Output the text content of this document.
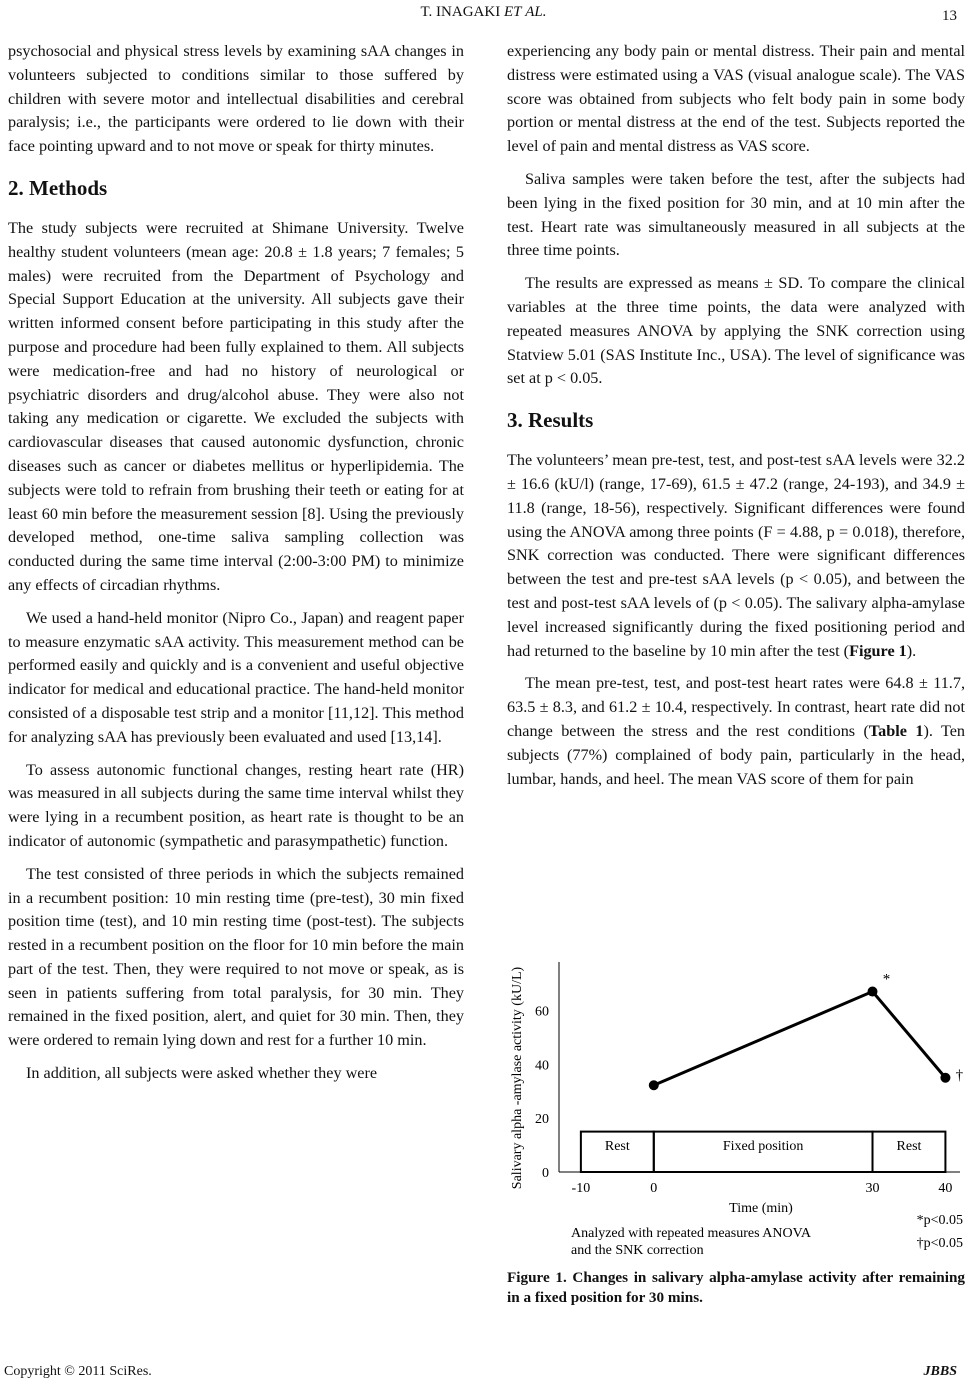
T. INAGAKI ET AL.	13

psychosocial and physical stress levels by examining sAA changes in volunteers subjected to conditions similar to those suffered by children with severe motor and intellectual disabilities and cerebral paralysis; i.e., the participants were ordered to lie down with their face pointing upward and to not move or speak for thirty minutes.

2. Methods

The study subjects were recruited at Shimane University. Twelve healthy student volunteers (mean age: 20.8 ± 1.8 years; 7 females; 5 males) were recruited from the Department of Psychology and Special Support Education at the university. All subjects gave their written informed consent before participating in this study after the purpose and procedure had been fully explained to them. All subjects were medication-free and had no history of neurological or psychiatric disorders and drug/alcohol abuse. They were also not taking any medication or cigarette. We excluded the subjects with cardiovascular diseases that caused autonomic dysfunction, chronic diseases such as cancer or diabetes mellitus or hyperlipidemia. The subjects were told to refrain from brushing their teeth or eating for at least 60 min before the measurement session [8]. Using the previously developed method, one-time saliva sampling collection was conducted during the same time interval (2:00-3:00 PM) to minimize any effects of circadian rhythms.

We used a hand-held monitor (Nipro Co., Japan) and reagent paper to measure enzymatic sAA activity. This measurement method can be performed easily and quickly and is a convenient and useful objective indicator for medical and educational practice. The hand-held monitor consisted of a disposable test strip and a monitor [11,12]. This method for analyzing sAA has previously been evaluated and used [13,14].

To assess autonomic functional changes, resting heart rate (HR) was measured in all subjects during the same time interval whilst they were lying in a recumbent position, as heart rate is thought to be an indicator of autonomic (sympathetic and parasympathetic) function.

The test consisted of three periods in which the subjects remained in a recumbent position: 10 min resting time (pre-test), 30 min fixed position time (test), and 10 min resting time (post-test). The subjects rested in a recumbent position on the floor for 10 min before the main part of the test. Then, they were required to not move or speak, as is seen in patients suffering from total paralysis, for 30 min. They remained in the fixed position, alert, and quiet for 30 min. Then, they were ordered to remain lying down and rest for a further 10 min.

In addition, all subjects were asked whether they were

experiencing any body pain or mental distress. Their pain and mental distress were estimated using a VAS (visual analogue scale). The VAS score was obtained from subjects who felt body pain in some body portion or mental distress at the end of the test. Subjects reported the level of pain and mental distress as VAS score.

Saliva samples were taken before the test, after the subjects had been lying in the fixed position for 30 min, and at 10 min after the test. Heart rate was simultaneously measured in all subjects at the three time points.

The results are expressed as means ± SD. To compare the clinical variables at the three time points, the data were analyzed with repeated measures ANOVA by applying the SNK correction using Statview 5.01 (SAS Institute Inc., USA). The level of significance was set at p < 0.05.

3. Results

The volunteers’ mean pre-test, test, and post-test sAA levels were 32.2 ± 16.6 (kU/l) (range, 17-69), 61.5 ± 47.2 (range, 24-193), and 34.9 ± 11.8 (range, 18-56), respectively. Significant differences were found using the ANOVA among three points (F = 4.88, p = 0.018), therefore, SNK correction was conducted. There were significant differences between the test and pre-test sAA levels (p < 0.05), and between the test and post-test sAA levels of (p < 0.05). The salivary alpha-amylase level increased significantly during the fixed positioning period and had returned to the baseline by 10 min after the test (Figure 1).

The mean pre-test, test, and post-test heart rates were 64.8 ± 11.7, 63.5 ± 8.3, and 61.2 ± 10.4, respectively. In contrast, heart rate did not change between the stress and the rest conditions (Table 1). Ten subjects (77%) complained of body pain, particularly in the head, lumbar, hands, and heel. The mean VAS score of them for pain

Salivary alpha -amylase activity (kU/L) 0
20
40
60
-10	0	30	40
Rest	Fixed position	Rest
*
†
Time (min)
Analyzed with repeated measures ANOVA
and the SNK correction
*p<0.05
†p<0.05
Figure 1. Changes in salivary alpha-amylase activity after remaining in a fixed position for 30 mins.
Copyright © 2011 SciRes.	JBBS
